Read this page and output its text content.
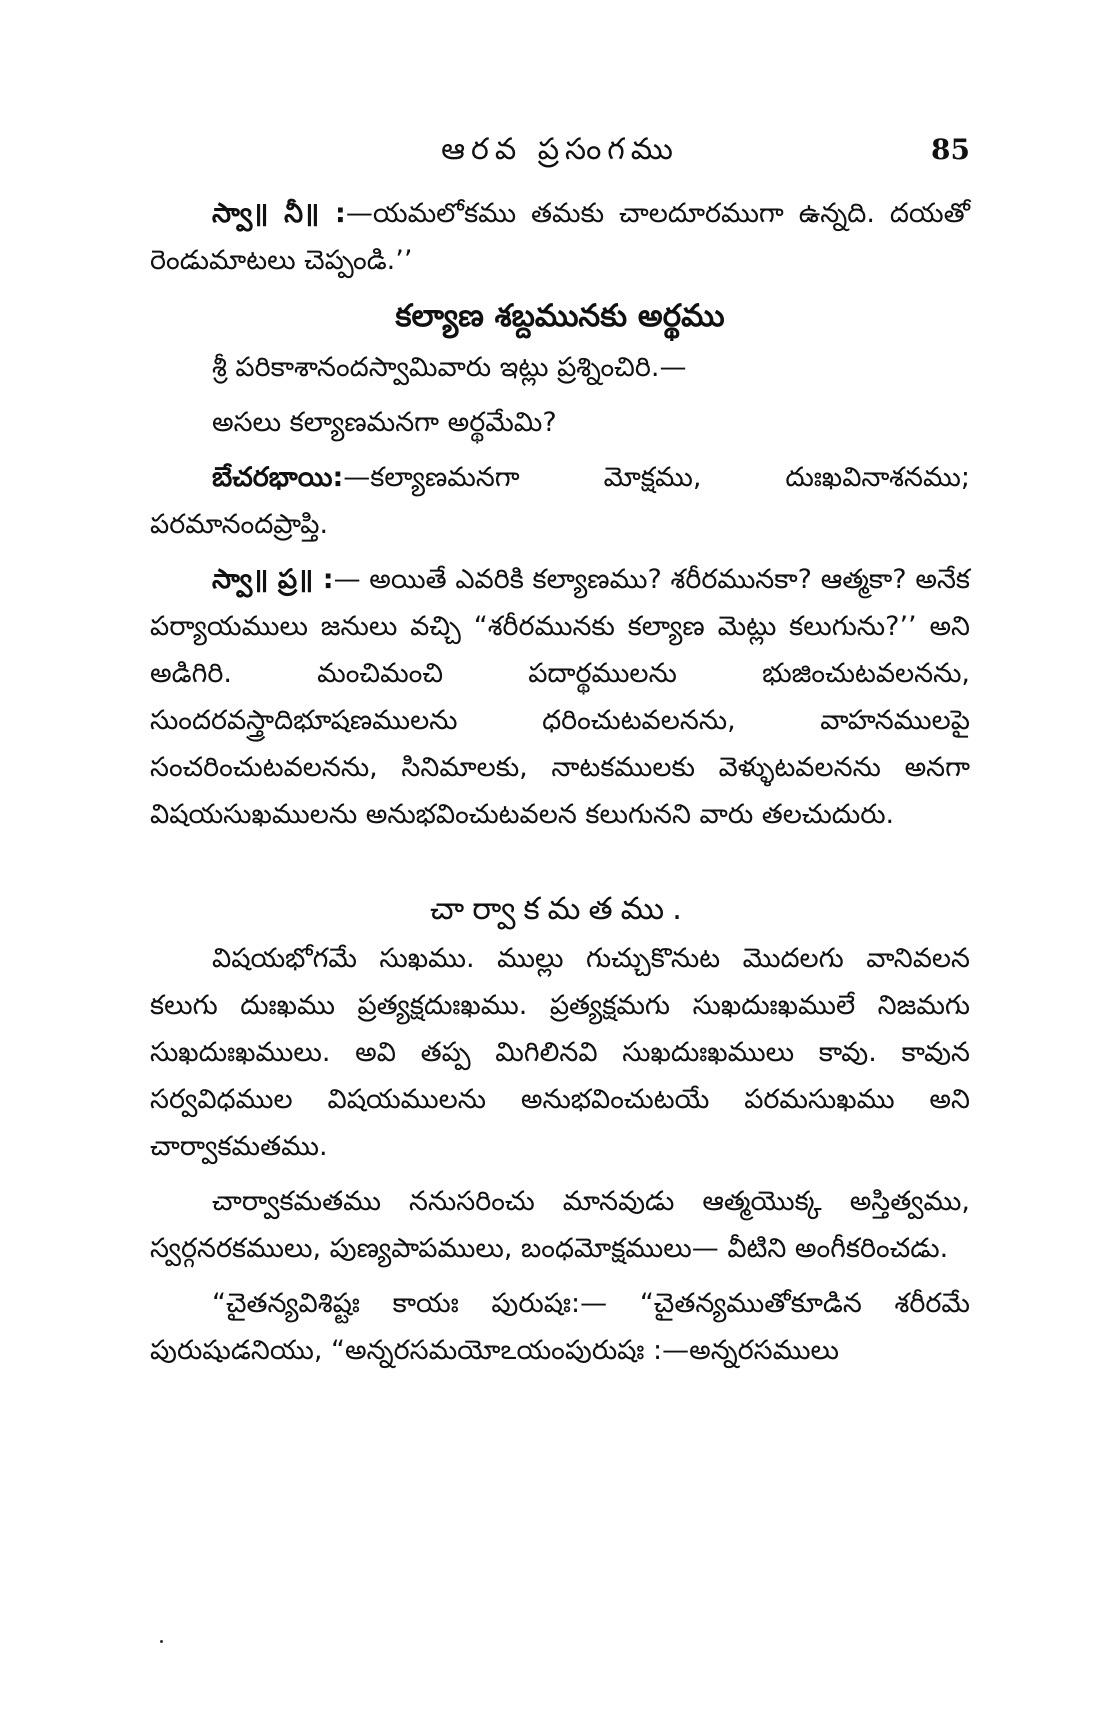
ఆరవ ప్రసంగము	85

స్వా॥ నీ॥ :—యమలోకము తమకు చాలదూరముగా ఉన్నది. దయతో రెండుమాటలు చెప్పండి.’’

కల్యాణ శబ్దమునకు అర్థము

శ్రీ పరికాశానందస్వామివారు ఇట్లు ప్రశ్నించిరి.—

అసలు కల్యాణమనగా అర్థమేమి?

బేచరభాయి:—కల్యాణమనగా మోక్షము, దుఃఖవినాశనము; పరమానందప్రాప్తి.

స్వా॥ ప్ర॥ :— అయితే ఎవరికి కల్యాణము? శరీరమునకా? ఆత్మకా? అనేక పర్యాయములు జనులు వచ్చి “శరీరమునకు కల్యాణ మెట్లు కలుగును?’’ అని అడిగిరి. మంచిమంచి పదార్థములను భుజించుటవలనను, సుందరవస్త్రాదిభూషణములను ధరించుటవలనను, వాహనములపై సంచరించుటవలనను, సినిమాలకు, నాటకములకు వెళ్ళుటవలనను అనగా విషయసుఖములను అనుభవించుటవలన కలుగునని వారు తలచుదురు.

చార్వాకమతము.

విషయభోగమే సుఖము. ముల్లు గుచ్చుకొనుట మొదలగు వానివలన కలుగు దుఃఖము ప్రత్యక్షదుఃఖము. ప్రత్యక్షమగు సుఖదుఃఖములే నిజమగు సుఖదుఃఖములు. అవి తప్ప మిగిలినవి సుఖదుఃఖములు కావు. కావున సర్వవిధముల విషయములను అనుభవించుటయే పరమసుఖము అని చార్వాకమతము.

చార్వాకమతము ననుసరించు మానవుడు ఆత్మయొక్క అస్తిత్వము, స్వర్గనరకములు, పుణ్యపాపములు, బంధమోక్షములు— వీటిని అంగీకరించడు.

“చైతన్యవిశిష్టః కాయః పురుషః:— “చైతన్యముతోకూడిన శరీరమే పురుషుడనియు, “అన్నరసమయోఽయంపురుషః :—అన్నరసములు
